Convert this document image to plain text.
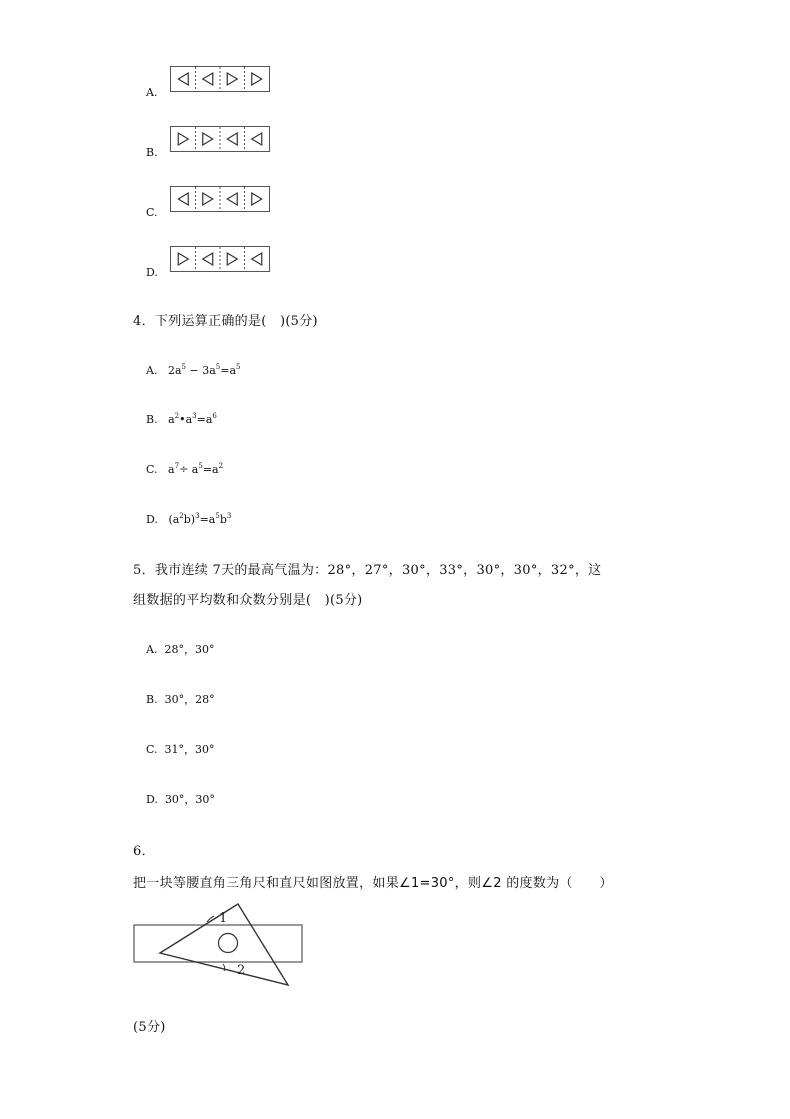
A.
B.
C.
D.
4．下列运算正确的是(　)(5分)
A. $2a^5 - 3a^5=a^5$
B. $a^2•a^3=a^6$
C. $a^7\div a^5=a^2$
D. $(a^2b)^3=a^5b^3$
5．我市连续 7天的最高气温为：28°，27°，30°，33°，30°，30°，32°，这
组数据的平均数和众数分别是(　)(5分)
A. 28°，30°
B. 30°，28°
C. 31°，30°
D. 30°，30°
6．
把一块等腰直角三角尺和直尺如图放置，如果∠1=30°，则∠2 的度数为（　　）
1
2
(5分)
